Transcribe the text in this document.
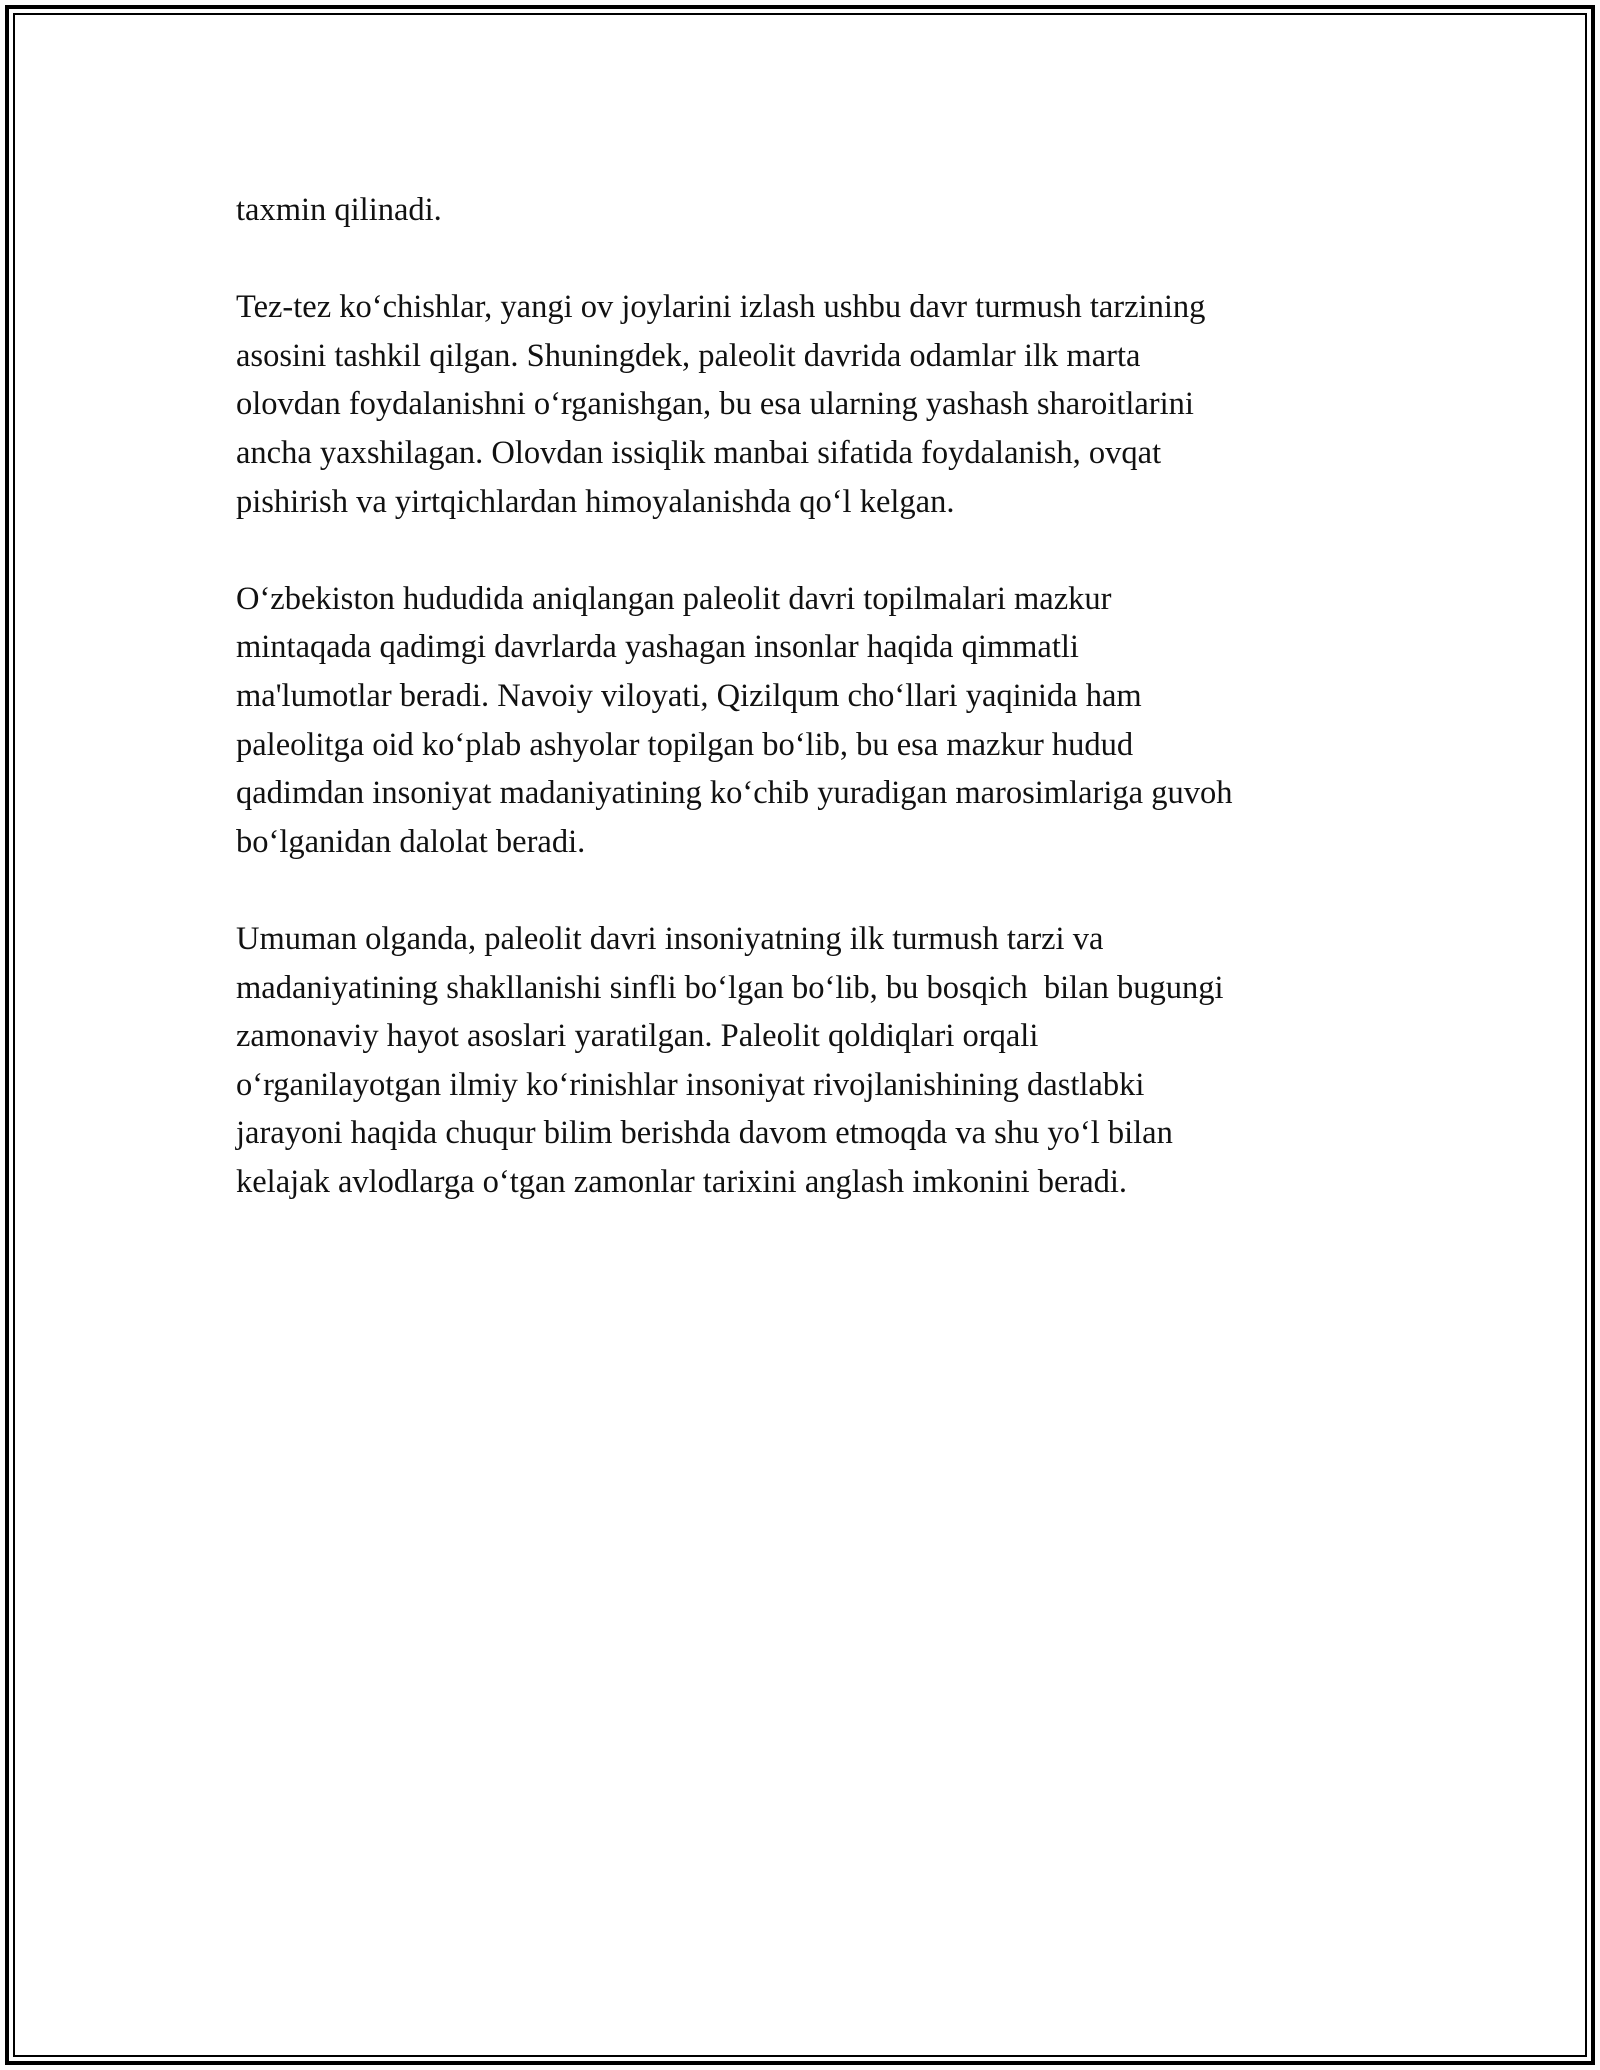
taxmin qilinadi.

Tez-tez ko‘chishlar, yangi ov joylarini izlash ushbu davr turmush tarzining
asosini tashkil qilgan. Shuningdek, paleolit davrida odamlar ilk marta
olovdan foydalanishni o‘rganishgan, bu esa ularning yashash sharoitlarini
ancha yaxshilagan. Olovdan issiqlik manbai sifatida foydalanish, ovqat
pishirish va yirtqichlardan himoyalanishda qo‘l kelgan.

O‘zbekiston hududida aniqlangan paleolit davri topilmalari mazkur
mintaqada qadimgi davrlarda yashagan insonlar haqida qimmatli
ma'lumotlar beradi. Navoiy viloyati, Qizilqum cho‘llari yaqinida ham
paleolitga oid ko‘plab ashyolar topilgan bo‘lib, bu esa mazkur hudud
qadimdan insoniyat madaniyatining ko‘chib yuradigan marosimlariga guvoh
bo‘lganidan dalolat beradi.

Umuman olganda, paleolit davri insoniyatning ilk turmush tarzi va
madaniyatining shakllanishi sinfli bo‘lgan bo‘lib, bu bosqich  bilan bugungi
zamonaviy hayot asoslari yaratilgan. Paleolit qoldiqlari orqali
o‘rganilayotgan ilmiy ko‘rinishlar insoniyat rivojlanishining dastlabki
jarayoni haqida chuqur bilim berishda davom etmoqda va shu yo‘l bilan
kelajak avlodlarga o‘tgan zamonlar tarixini anglash imkonini beradi.
